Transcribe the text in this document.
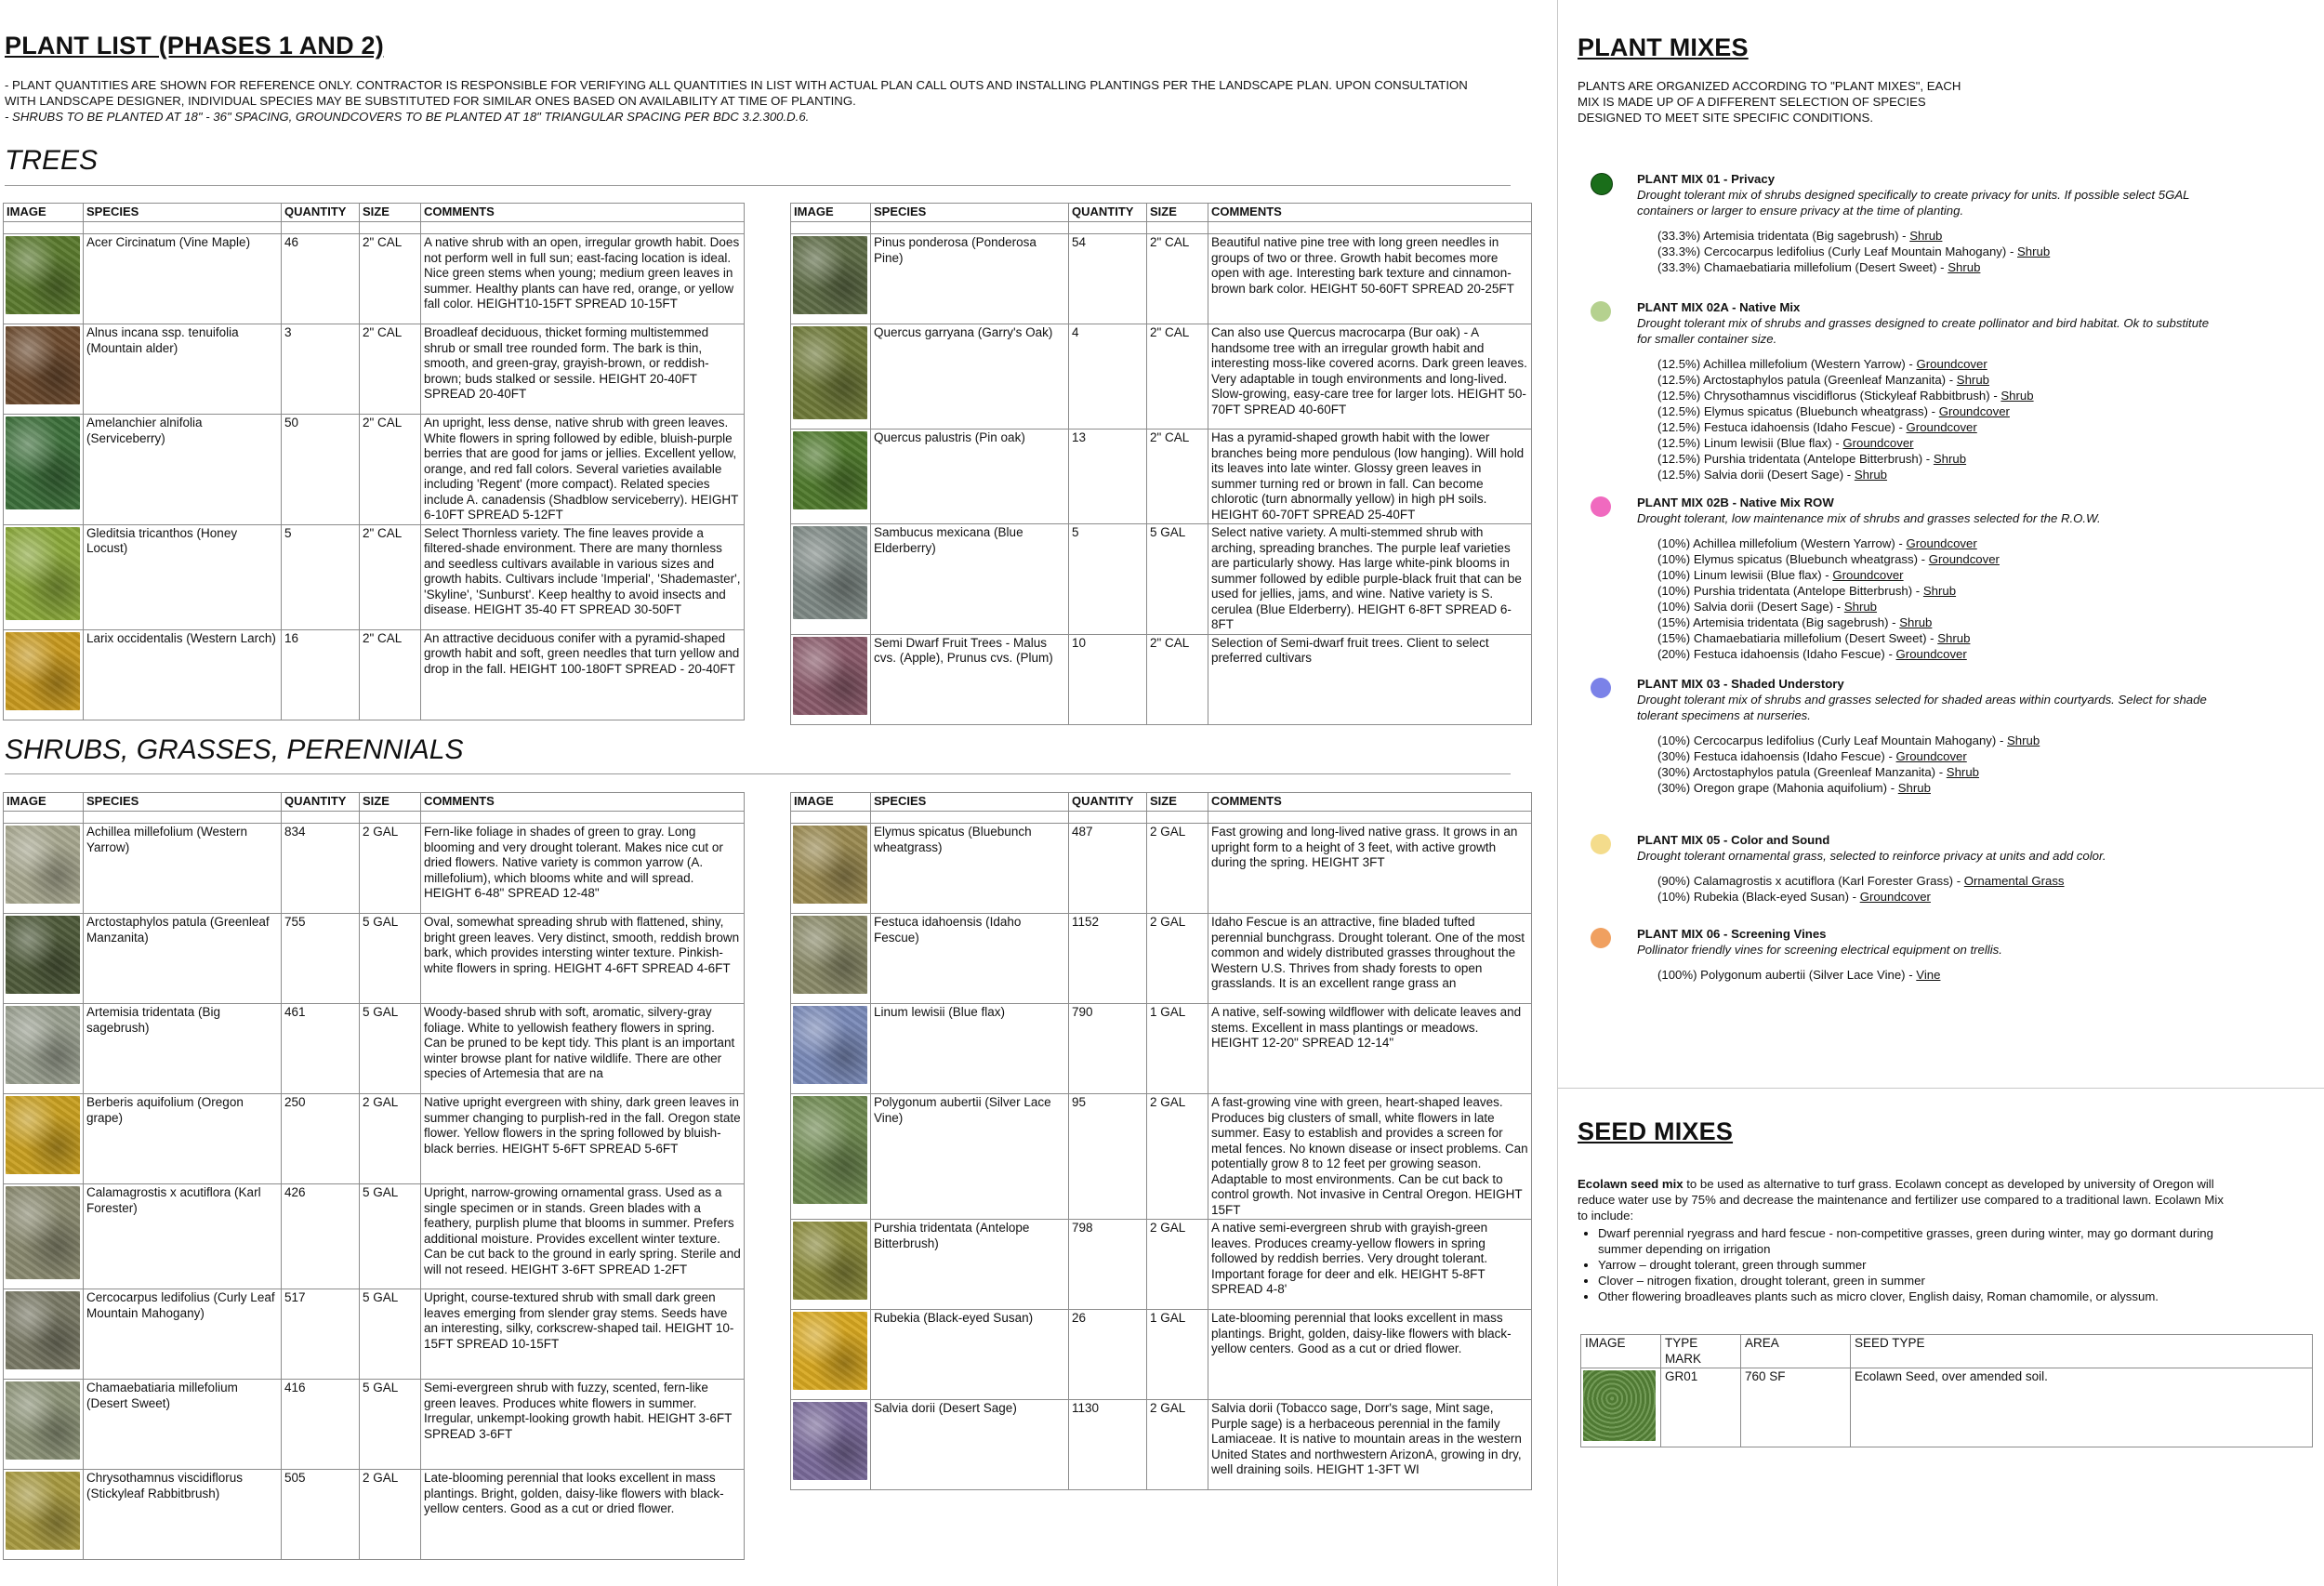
PLANT LIST (PHASES 1 AND 2)
- PLANT QUANTITIES ARE SHOWN FOR REFERENCE ONLY. CONTRACTOR IS RESPONSIBLE FOR VERIFYING ALL QUANTITIES IN LIST WITH ACTUAL PLAN CALL OUTS AND INSTALLING PLANTINGS PER THE LANDSCAPE PLAN. UPON CONSULTATION
WITH LANDSCAPE DESIGNER, INDIVIDUAL SPECIES MAY BE SUBSTITUTED FOR SIMILAR ONES BASED ON AVAILABILITY AT TIME OF PLANTING.
- SHRUBS TO BE PLANTED AT 18" - 36" SPACING, GROUNDCOVERS TO BE PLANTED AT 18" TRIANGULAR SPACING PER BDC 3.2.300.D.6.
TREES
IMAGE	SPECIES	QUANTITY	SIZE	COMMENTS

	Acer Circinatum (Vine Maple)	46	2" CAL	A native shrub with an open, irregular growth habit. Does not perform well in full sun; east-facing location is ideal. Nice green stems when young; medium green leaves in summer. Healthy plants can have red, orange, or yellow fall color. HEIGHT10-15FT SPREAD 10-15FT

	Alnus incana ssp. tenuifolia (Mountain alder)	3	2" CAL	Broadleaf deciduous, thicket forming multistemmed shrub or small tree rounded form. The bark is thin, smooth, and green-gray, grayish-brown, or reddish-brown; buds stalked or sessile. HEIGHT 20-40FT SPREAD 20-40FT

	Amelanchier alnifolia (Serviceberry)	50	2" CAL	An upright, less dense, native shrub with green leaves. White flowers in spring followed by edible, bluish-purple berries that are good for jams or jellies. Excellent yellow, orange, and red fall colors. Several varieties available including 'Regent' (more compact). Related species include A. canadensis (Shadblow serviceberry). HEIGHT 6-10FT SPREAD 5-12FT

	Gleditsia tricanthos (Honey Locust)	5	2" CAL	Select Thornless variety. The fine leaves provide a filtered-shade environment. There are many thornless and seedless cultivars available in various sizes and growth habits. Cultivars include 'Imperial', 'Shademaster', 'Skyline', 'Sunburst'. Keep healthy to avoid insects and disease. HEIGHT 35-40 FT SPREAD 30-50FT

	Larix occidentalis (Western Larch)	16	2" CAL	An attractive deciduous conifer with a pyramid-shaped growth habit and soft, green needles that turn yellow and drop in the fall. HEIGHT 100-180FT SPREAD - 20-40FT
IMAGE	SPECIES	QUANTITY	SIZE	COMMENTS

	Pinus ponderosa (Ponderosa Pine)	54	2" CAL	Beautiful native pine tree with long green needles in groups of two or three. Growth habit becomes more open with age. Interesting bark texture and cinnamon-brown bark color. HEIGHT 50-60FT SPREAD 20-25FT

	Quercus garryana (Garry's Oak)	4	2" CAL	Can also use Quercus macrocarpa (Bur oak) - A handsome tree with an irregular growth habit and interesting moss-like covered acorns. Dark green leaves. Very adaptable in tough environments and long-lived. Slow-growing, easy-care tree for larger lots. HEIGHT 50-70FT SPREAD 40-60FT

	Quercus palustris (Pin oak)	13	2" CAL	Has a pyramid-shaped growth habit with the lower branches being more pendulous (low hanging). Will hold its leaves into late winter. Glossy green leaves in summer turning red or brown in fall. Can become chlorotic (turn abnormally yellow) in high pH soils. HEIGHT 60-70FT SPREAD 25-40FT

	Sambucus mexicana (Blue Elderberry)	5	5 GAL	Select native variety. A multi-stemmed shrub with arching, spreading branches. The purple leaf varieties are particularly showy. Has large white-pink blooms in summer followed by edible purple-black fruit that can be used for jellies, jams, and wine. Native variety is S. cerulea (Blue Elderberry). HEIGHT 6-8FT SPREAD 6-8FT

	Semi Dwarf Fruit Trees - Malus cvs. (Apple), Prunus cvs. (Plum)	10	2" CAL	Selection of Semi-dwarf fruit trees. Client to select preferred cultivars
SHRUBS, GRASSES, PERENNIALS
IMAGE	SPECIES	QUANTITY	SIZE	COMMENTS

	Achillea millefolium (Western Yarrow)	834	2 GAL	Fern-like foliage in shades of green to gray. Long blooming and very drought tolerant. Makes nice cut or dried flowers. Native variety is common yarrow (A. millefolium), which blooms white and will spread. HEIGHT 6-48" SPREAD 12-48"

	Arctostaphylos patula (Greenleaf Manzanita)	755	5 GAL	Oval, somewhat spreading shrub with flattened, shiny, bright green leaves. Very distinct, smooth, reddish brown bark, which provides intersting winter texture. Pinkish-white flowers in spring. HEIGHT 4-6FT SPREAD 4-6FT

	Artemisia tridentata (Big sagebrush)	461	5 GAL	Woody-based shrub with soft, aromatic, silvery-gray foliage. White to yellowish feathery flowers in spring. Can be pruned to be kept tidy. This plant is an important winter browse plant for native wildlife. There are other species of Artemesia that are na

	Berberis aquifolium (Oregon grape)	250	2 GAL	Native upright evergreen with shiny, dark green leaves in summer changing to purplish-red in the fall. Oregon state flower. Yellow flowers in the spring followed by bluish-black berries. HEIGHT 5-6FT SPREAD 5-6FT

	Calamagrostis x acutiflora (Karl Forester)	426	5 GAL	Upright, narrow-growing ornamental grass. Used as a single specimen or in stands. Green blades with a feathery, purplish plume that blooms in summer. Prefers additional moisture. Provides excellent winter texture. Can be cut back to the ground in early spring. Sterile and will not reseed. HEIGHT 3-6FT SPREAD 1-2FT

	Cercocarpus ledifolius (Curly Leaf Mountain Mahogany)	517	5 GAL	Upright, course-textured shrub with small dark green leaves emerging from slender gray stems. Seeds have an interesting, silky, corkscrew-shaped tail. HEIGHT 10-15FT SPREAD 10-15FT

	Chamaebatiaria millefolium (Desert Sweet)	416	5 GAL	Semi-evergreen shrub with fuzzy, scented, fern-like green leaves. Produces white flowers in summer. Irregular, unkempt-looking growth habit. HEIGHT 3-6FT SPREAD 3-6FT

	Chrysothamnus viscidiflorus (Stickyleaf Rabbitbrush)	505	2 GAL	Late-blooming perennial that looks excellent in mass plantings. Bright, golden, daisy-like flowers with black-yellow centers. Good as a cut or dried flower.
IMAGE	SPECIES	QUANTITY	SIZE	COMMENTS

	Elymus spicatus (Bluebunch wheatgrass)	487	2 GAL	Fast growing and long-lived native grass. It grows in an upright form to a height of 3 feet, with active growth during the spring. HEIGHT 3FT

	Festuca idahoensis (Idaho Fescue)	1152	2 GAL	Idaho Fescue is an attractive, fine bladed tufted perennial bunchgrass. Drought tolerant. One of the most common and widely distributed grasses throughout the Western U.S. Thrives from shady forests to open grasslands. It is an excellent range grass an

	Linum lewisii (Blue flax)	790	1 GAL	A native, self-sowing wildflower with delicate leaves and stems. Excellent in mass plantings or meadows. HEIGHT 12-20" SPREAD 12-14"

	Polygonum aubertii (Silver Lace Vine)	95	2 GAL	A fast-growing vine with green, heart-shaped leaves. Produces big clusters of small, white flowers in late summer. Easy to establish and provides a screen for metal fences. No known disease or insect problems. Can potentially grow 8 to 12 feet per growing season. Adaptable to most environments. Can be cut back to control growth. Not invasive in Central Oregon. HEIGHT 15FT

	Purshia tridentata (Antelope Bitterbrush)	798	2 GAL	A native semi-evergreen shrub with grayish-green leaves. Produces creamy-yellow flowers in spring followed by reddish berries. Very drought tolerant. Important forage for deer and elk. HEIGHT 5-8FT SPREAD 4-8'

	Rubekia (Black-eyed Susan)	26	1 GAL	Late-blooming perennial that looks excellent in mass plantings. Bright, golden, daisy-like flowers with black-yellow centers. Good as a cut or dried flower.

	Salvia dorii (Desert Sage)	1130	2 GAL	Salvia dorii (Tobacco sage, Dorr's sage, Mint sage, Purple sage) is a herbaceous perennial in the family Lamiaceae. It is native to mountain areas in the western United States and northwestern ArizonA, growing in dry, well draining soils. HEIGHT 1-3FT WI
PLANT MIXES
PLANTS ARE ORGANIZED ACCORDING TO "PLANT MIXES", EACH
MIX IS MADE UP OF A DIFFERENT SELECTION OF SPECIES
DESIGNED TO MEET SITE SPECIFIC CONDITIONS.
PLANT MIX 01 - Privacy
Drought tolerant mix of shrubs designed specifically to create privacy for units. If possible select 5GAL containers or larger to ensure privacy at the time of planting.
(33.3%) Artemisia tridentata (Big sagebrush) - Shrub
(33.3%) Cercocarpus ledifolius (Curly Leaf Mountain Mahogany) - Shrub
(33.3%) Chamaebatiaria millefolium (Desert Sweet) - Shrub
PLANT MIX 02A - Native Mix
Drought tolerant mix of shrubs and grasses designed to create pollinator and bird habitat. Ok to substitute for smaller container size.
(12.5%) Achillea millefolium (Western Yarrow) - Groundcover
(12.5%) Arctostaphylos patula (Greenleaf Manzanita) - Shrub
(12.5%) Chrysothamnus viscidiflorus (Stickyleaf Rabbitbrush) - Shrub
(12.5%) Elymus spicatus (Bluebunch wheatgrass) - Groundcover
(12.5%) Festuca idahoensis (Idaho Fescue) - Groundcover
(12.5%) Linum lewisii (Blue flax) - Groundcover
(12.5%) Purshia tridentata (Antelope Bitterbrush) - Shrub
(12.5%) Salvia dorii (Desert Sage) - Shrub
PLANT MIX 02B - Native Mix ROW
Drought tolerant, low maintenance mix of shrubs and grasses selected for the R.O.W.
(10%) Achillea millefolium (Western Yarrow) - Groundcover
(10%) Elymus spicatus (Bluebunch wheatgrass) - Groundcover
(10%) Linum lewisii (Blue flax) - Groundcover
(10%) Purshia tridentata (Antelope Bitterbrush) - Shrub
(10%) Salvia dorii (Desert Sage) - Shrub
(15%) Artemisia tridentata (Big sagebrush) - Shrub
(15%) Chamaebatiaria millefolium (Desert Sweet) - Shrub
(20%) Festuca idahoensis (Idaho Fescue) - Groundcover
PLANT MIX 03 - Shaded Understory
Drought tolerant mix of shrubs and grasses selected for shaded areas within courtyards. Select for shade tolerant specimens at nurseries.
(10%) Cercocarpus ledifolius (Curly Leaf Mountain Mahogany) - Shrub
(30%) Festuca idahoensis (Idaho Fescue) - Groundcover
(30%) Arctostaphylos patula (Greenleaf Manzanita) - Shrub
(30%) Oregon grape (Mahonia aquifolium) - Shrub
PLANT MIX 05 - Color and Sound
Drought tolerant ornamental grass, selected to reinforce privacy at units and add color.
(90%) Calamagrostis x acutiflora (Karl Forester Grass) - Ornamental Grass
(10%) Rubekia (Black-eyed Susan) - Groundcover
PLANT MIX 06 - Screening Vines
Pollinator friendly vines for screening electrical equipment on trellis.
(100%) Polygonum aubertii (Silver Lace Vine) - Vine
SEED MIXES
Ecolawn seed mix to be used as alternative to turf grass. Ecolawn concept as developed by university of Oregon will reduce water use by 75% and decrease the maintenance and fertilizer use compared to a traditional lawn. Ecolawn Mix to include:
• Dwarf perennial ryegrass and hard fescue - non-competitive grasses, green during winter, may go dormant during summer depending on irrigation
• Yarrow – drought tolerant, green through summer
• Clover – nitrogen fixation, drought tolerant, green in summer
• Other flowering broadleaves plants such as micro clover, English daisy, Roman chamomile, or alyssum.
IMAGE	TYPE MARK	AREA	SEED TYPE

	GR01	760 SF	Ecolawn Seed, over amended soil.
